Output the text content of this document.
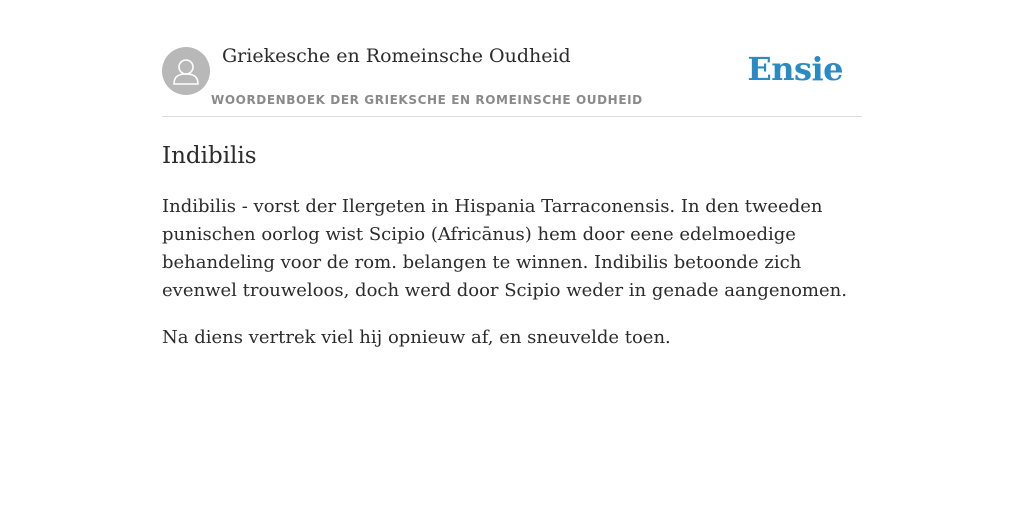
Griekesche en Romeinsche Oudheid
WOORDENBOEK DER GRIEKSCHE EN ROMEINSCHE OUDHEID
Ensie
Indibilis

Indibilis - vorst der Ilergeten in Hispania Tarraconensis. In den tweeden punischen oorlog wist Scipio (Africānus) hem door eene edelmoedige behandeling voor de rom. belangen te winnen. Indibilis betoonde zich evenwel trouweloos, doch werd door Scipio weder in genade aangenomen.

Na diens vertrek viel hij opnieuw af, en sneuvelde toen.
